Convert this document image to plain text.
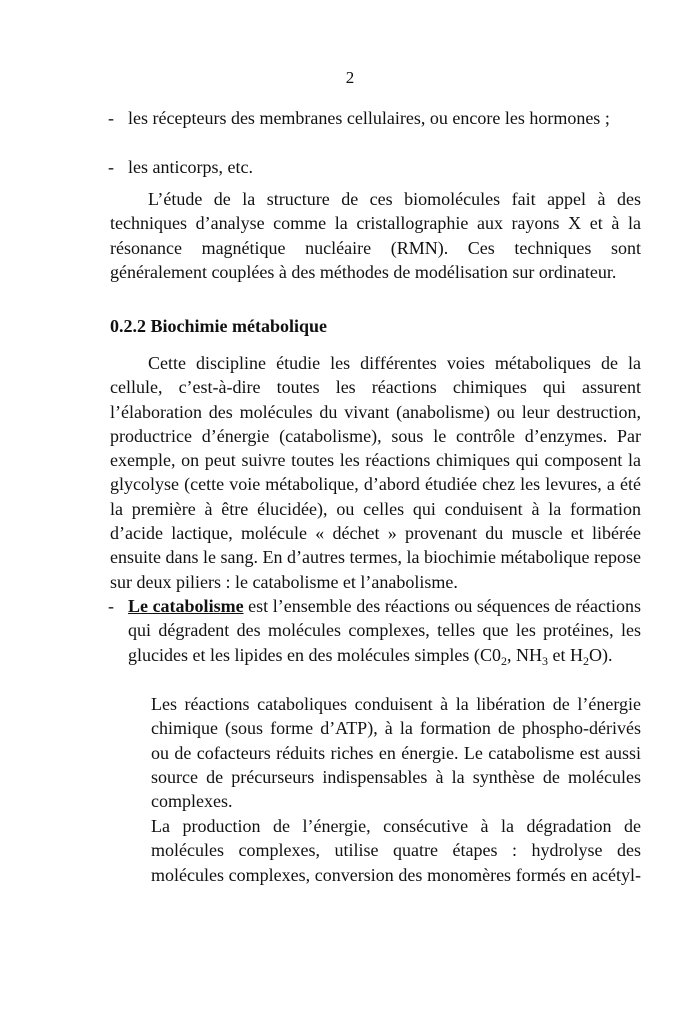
2
- les récepteurs des membranes cellulaires, ou encore les hormones ;
- les anticorps, etc.

L’étude de la structure de ces biomolécules fait appel à des techniques d’analyse comme la cristallographie aux rayons X et à la résonance magnétique nucléaire (RMN). Ces techniques sont généralement couplées à des méthodes de modélisation sur ordinateur.

0.2.2 Biochimie métabolique

Cette discipline étudie les différentes voies métaboliques de la cellule, c’est-à-dire toutes les réactions chimiques qui assurent l’élaboration des molécules du vivant (anabolisme) ou leur destruction, productrice d’énergie (catabolisme), sous le contrôle d’enzymes. Par exemple, on peut suivre toutes les réactions chimiques qui composent la glycolyse (cette voie métabolique, d’abord étudiée chez les levures, a été la première à être élucidée), ou celles qui conduisent à la formation d’acide lactique, molécule « déchet » provenant du muscle et libérée ensuite dans le sang. En d’autres termes, la biochimie métabolique repose sur deux piliers : le catabolisme et l’anabolisme.

- Le catabolisme est l’ensemble des réactions ou séquences de réactions qui dégradent des molécules complexes, telles que les protéines, les glucides et les lipides en des molécules simples ($C0_2$, $NH_3$ et $H_2O$).

Les réactions cataboliques conduisent à la libération de l’énergie chimique (sous forme d’ATP), à la formation de phospho-dérivés ou de cofacteurs réduits riches en énergie. Le catabolisme est aussi source de précurseurs indispensables à la synthèse de molécules complexes.

La production de l’énergie, consécutive à la dégradation de molécules complexes, utilise quatre étapes : hydrolyse des molécules complexes, conversion des monomères formés en acétyl-
